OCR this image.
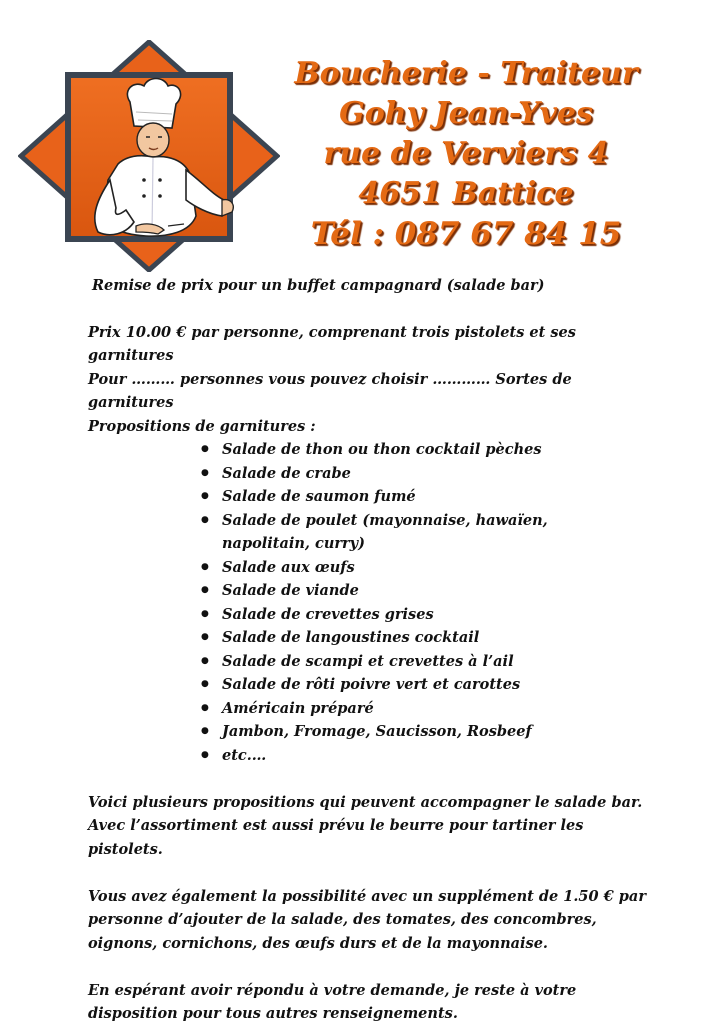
Boucherie - Traiteur
Gohy Jean-Yves
rue de Verviers 4
4651 Battice
Tél : 087 67 84 15

Remise de prix pour un buffet campagnard (salade bar)

Prix 10.00 € par personne, comprenant trois pistolets et ses garnitures

Pour ……… personnes vous pouvez choisir ………… Sortes de garnitures

Propositions de garnitures :

● Salade de thon ou thon cocktail pèches
● Salade de crabe
● Salade de saumon fumé
● Salade de poulet (mayonnaise, hawaïen, napolitain, curry)
● Salade aux œufs
● Salade de viande
● Salade de crevettes grises
● Salade de langoustines cocktail
● Salade de scampi et crevettes à l’ail
● Salade de rôti poivre vert et carottes
● Américain préparé
● Jambon, Fromage, Saucisson, Rosbeef
● etc.…

Voici plusieurs propositions qui peuvent accompagner le salade bar. Avec l’assortiment est aussi prévu le beurre pour tartiner les pistolets.

Vous avez également la possibilité avec un supplément de 1.50 € par personne d’ajouter de la salade, des tomates, des concombres, oignons, cornichons, des œufs durs et de la mayonnaise.

En espérant avoir répondu à votre demande, je reste à votre disposition pour tous autres renseignements.
